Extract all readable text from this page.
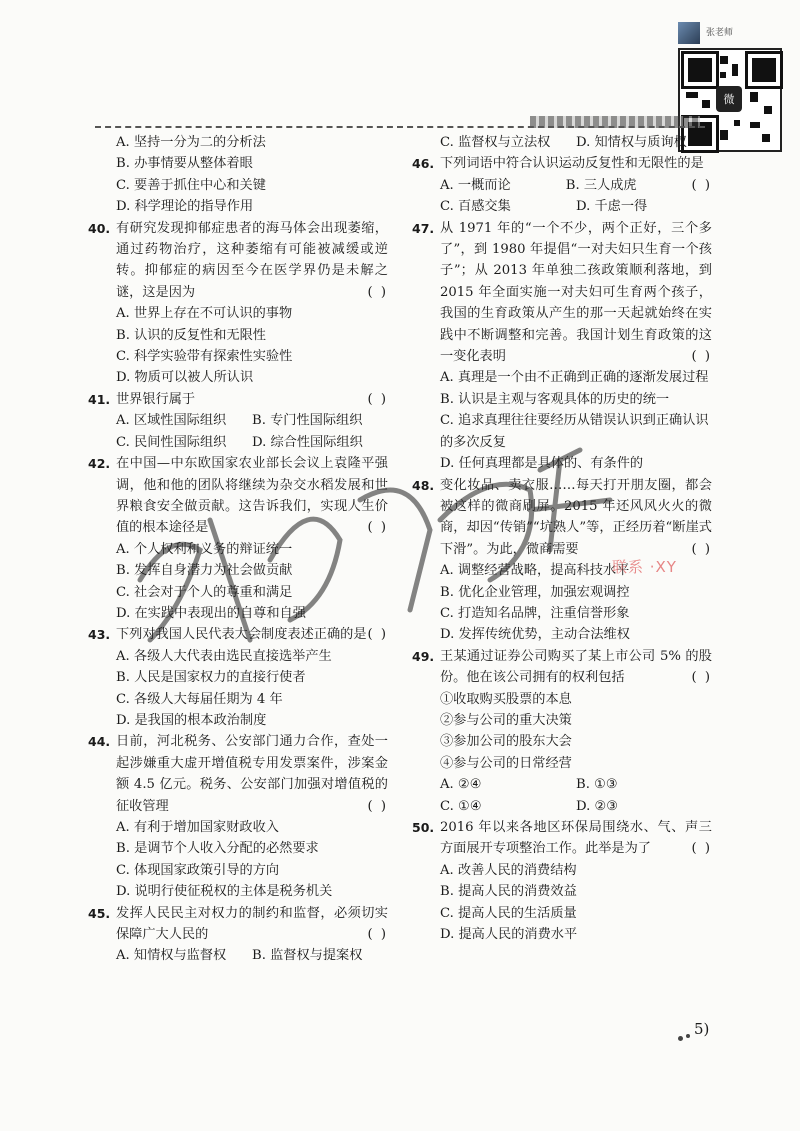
张老师
微
A. 坚持一分为二的分析法
B. 办事情要从整体着眼
C. 要善于抓住中心和关键
D. 科学理论的指导作用
40. 有研究发现抑郁症患者的海马体会出现萎缩，通过药物治疗，这种萎缩有可能被减缓或逆转。抑郁症的病因至今在医学界仍是未解之谜，这是因为	( )
A. 世界上存在不可认识的事物
B. 认识的反复性和无限性
C. 科学实验带有探索性实验性
D. 物质可以被人所认识
41. 世界银行属于	( )
A. 区域性国际组织	B. 专门性国际组织
C. 民间性国际组织	D. 综合性国际组织
42. 在中国—中东欧国家农业部长会议上袁隆平强调，他和他的团队将继续为杂交水稻发展和世界粮食安全做贡献。这告诉我们，实现人生价值的根本途径是	( )
A. 个人权利和义务的辩证统一
B. 发挥自身潜力为社会做贡献
C. 社会对于个人的尊重和满足
D. 在实践中表现出的自尊和自强
43. 下列对我国人民代表大会制度表述正确的是 ( )
A. 各级人大代表由选民直接选举产生
B. 人民是国家权力的直接行使者
C. 各级人大每届任期为 4 年
D. 是我国的根本政治制度
44. 日前，河北税务、公安部门通力合作，查处一起涉嫌重大虚开增值税专用发票案件，涉案金额 4.5 亿元。税务、公安部门加强对增值税的征收管理	( )
A. 有利于增加国家财政收入
B. 是调节个人收入分配的必然要求
C. 体现国家政策引导的方向
D. 说明行使征税权的主体是税务机关
45. 发挥人民民主对权力的制约和监督，必须切实保障广大人民的	( )
A. 知情权与监督权	B. 监督权与提案权
C. 监督权与立法权	D. 知情权与质询权
46. 下列词语中符合认识运动反复性和无限性的是
( )
A. 一概而论	B. 三人成虎
C. 百感交集	D. 千虑一得
47. 从 1971 年的“一个不少，两个正好，三个多了”，到 1980 年提倡“一对夫妇只生育一个孩子”；从 2013 年单独二孩政策顺利落地，到 2015 年全面实施一对夫妇可生育两个孩子，我国的生育政策从产生的那一天起就始终在实践中不断调整和完善。我国计划生育政策的这一变化表明	( )
A. 真理是一个由不正确到正确的逐渐发展过程
B. 认识是主观与客观具体的历史的统一
C. 追求真理往往要经历从错误认识到正确认识的多次反复
D. 任何真理都是具体的、有条件的
48. 变化妆品、卖衣服……每天打开朋友圈，都会被这样的微商刷屏。2015 年还风风火火的微商，却因“传销”“坑熟人”等，正经历着“断崖式下滑”。为此，微商需要	( )
A. 调整经营战略，提高科技水平
B. 优化企业管理，加强宏观调控
C. 打造知名品牌，注重信誉形象
D. 发挥传统优势，主动合法维权
49. 王某通过证券公司购买了某上市公司 5% 的股份。他在该公司拥有的权利包括	( )
①收取购买股票的本息
②参与公司的重大决策
③参加公司的股东大会
④参与公司的日常经营
A. ②④	B. ①③
C. ①④	D. ②③
50. 2016 年以来各地区环保局围绕水、气、声三方面展开专项整治工作。此举是为了	( )
A. 改善人民的消费结构
B. 提高人民的消费效益
C. 提高人民的生活质量
D. 提高人民的消费水平
联系 ·XY
5)
